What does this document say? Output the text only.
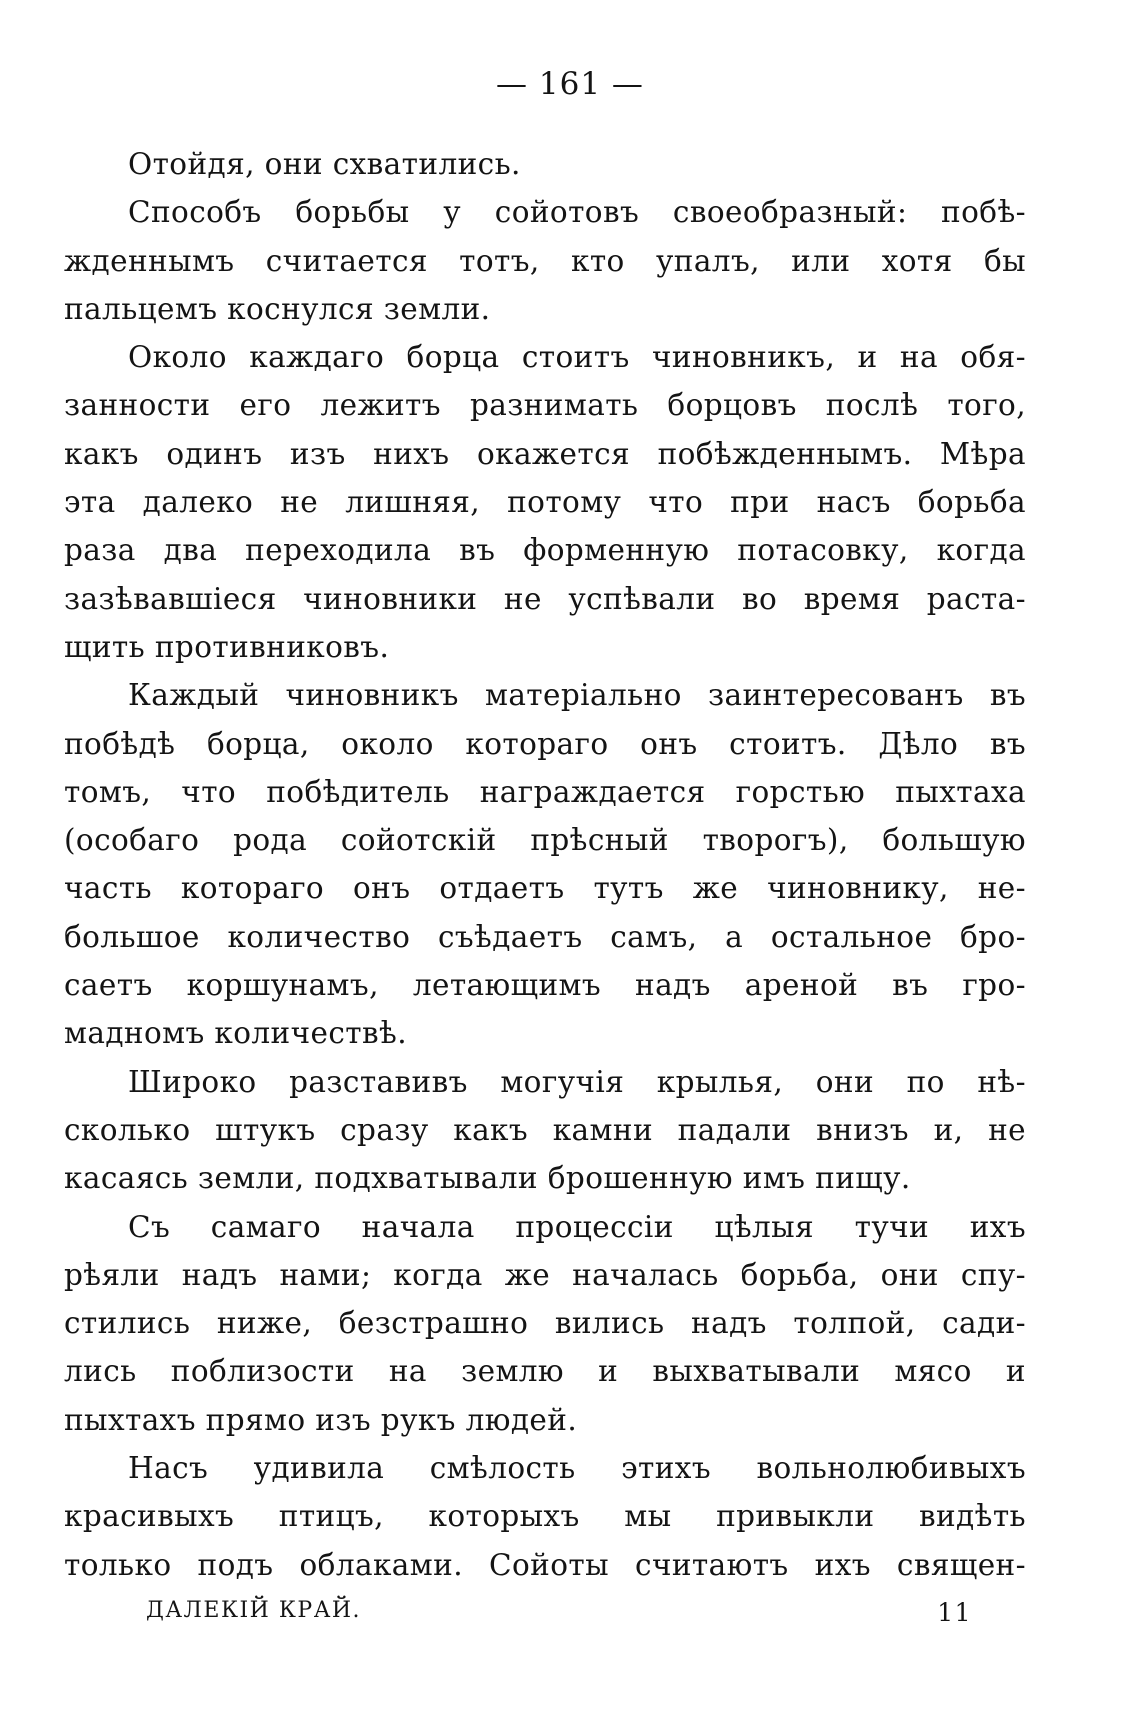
— 161 —
Отойдя, они схватились.
Способъ борьбы у сойотовъ своеобразный: побѣ-
жденнымъ считается тотъ, кто упалъ, или хотя бы
пальцемъ коснулся земли.
Около каждаго борца стоитъ чиновникъ, и на обя-
занности его лежитъ разнимать борцовъ послѣ того,
какъ одинъ изъ нихъ окажется побѣжденнымъ. Мѣра
эта далеко не лишняя, потому что при насъ борьба
раза два переходила въ форменную потасовку, когда
зазѣвавшiеся чиновники не успѣвали во время раста-
щить противниковъ.
Каждый чиновникъ матерiально заинтересованъ въ
побѣдѣ борца, около котораго онъ стоитъ. Дѣло въ
томъ, что побѣдитель награждается горстью пыхтаха
(особаго рода сойотскiй прѣсный творогъ), большую
часть котораго онъ отдаетъ тутъ же чиновнику, не-
большое количество съѣдаетъ самъ, а остальное бро-
саетъ коршунамъ, летающимъ надъ ареной въ гро-
мадномъ количествѣ.
Широко разставивъ могучiя крылья, они по нѣ-
сколько штукъ сразу какъ камни падали внизъ и, не
касаясь земли, подхватывали брошенную имъ пищу.
Съ самаго начала процессiи цѣлыя тучи ихъ
рѣяли надъ нами; когда же началась борьба, они спу-
стились ниже, безстрашно вились надъ толпой, сади-
лись поблизости на землю и выхватывали мясо и
пыхтахъ прямо изъ рукъ людей.
Насъ удивила смѣлость этихъ вольнолюбивыхъ
красивыхъ птицъ, которыхъ мы привыкли видѣть
только подъ облаками. Сойоты считаютъ ихъ священ-
ДАЛЕКIЙ КРАЙ.	11
